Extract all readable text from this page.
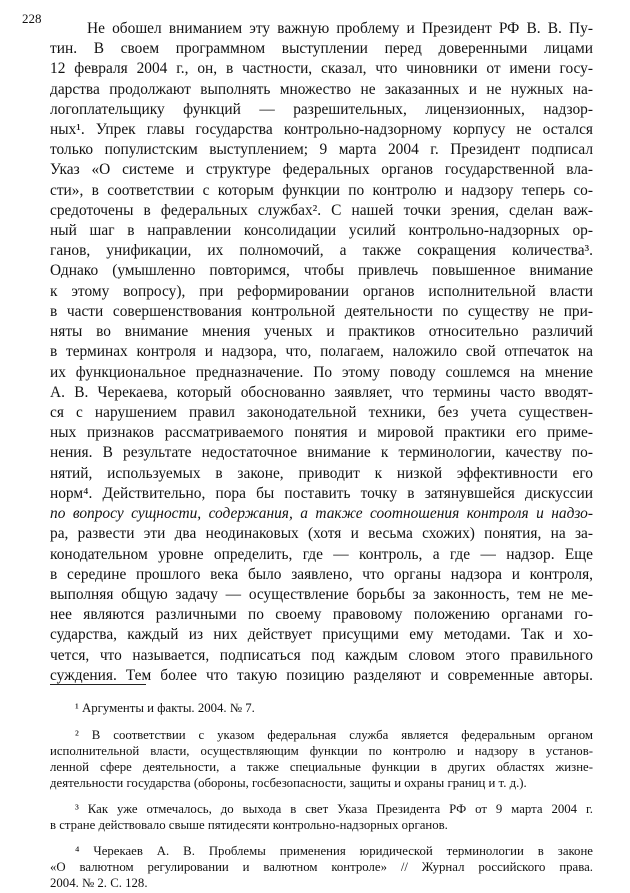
228
Не обошел вниманием эту важную проблему и Президент РФ В. В. Пу-
тин. В своем программном выступлении перед доверенными лицами
12 февраля 2004 г., он, в частности, сказал, что чиновники от имени госу-
дарства продолжают выполнять множество не заказанных и не нужных на-
логоплательщику функций — разрешительных, лицензионных, надзор-
ных¹. Упрек главы государства контрольно-надзорному корпусу не остался
только популистским выступлением; 9 марта 2004 г. Президент подписал
Указ «О системе и структуре федеральных органов государственной вла-
сти», в соответствии с которым функции по контролю и надзору теперь со-
средоточены в федеральных службах². С нашей точки зрения, сделан важ-
ный шаг в направлении консолидации усилий контрольно-надзорных ор-
ганов, унификации, их полномочий, а также сокращения количества³.
Однако (умышленно повторимся, чтобы привлечь повышенное внимание
к этому вопросу), при реформировании органов исполнительной власти
в части совершенствования контрольной деятельности по существу не при-
няты во внимание мнения ученых и практиков относительно различий
в терминах контроля и надзора, что, полагаем, наложило свой отпечаток на
их функциональное предназначение. По этому поводу сошлемся на мнение
А. В. Черекаева, который обоснованно заявляет, что термины часто вводят-
ся с нарушением правил законодательной техники, без учета существен-
ных признаков рассматриваемого понятия и мировой практики его приме-
нения. В результате недостаточное внимание к терминологии, качеству по-
нятий, используемых в законе, приводит к низкой эффективности его
норм⁴. Действительно, пора бы поставить точку в затянувшейся дискуссии
по вопросу сущности, содержания, а также соотношения контроля и надзо-
ра, развести эти два неодинаковых (хотя и весьма схожих) понятия, на за-
конодательном уровне определить, где — контроль, а где — надзор. Еще
в середине прошлого века было заявлено, что органы надзора и контроля,
выполняя общую задачу — осуществление борьбы за законность, тем не ме-
нее являются различными по своему правовому положению органами го-
сударства, каждый из них действует присущими ему методами. Так и хо-
чется, что называется, подписаться под каждым словом этого правильного
суждения. Тем более что такую позицию разделяют и современные авторы.
¹ Аргументы и факты. 2004. № 7.
² В соответствии с указом федеральная служба является федеральным органом
исполнительной власти, осуществляющим функции по контролю и надзору в установ-
ленной сфере деятельности, а также специальные функции в других областях жизне-
деятельности государства (обороны, госбезопасности, защиты и охраны границ и т. д.).
³ Как уже отмечалось, до выхода в свет Указа Президента РФ от 9 марта 2004 г.
в стране действовало свыше пятидесяти контрольно-надзорных органов.
⁴ Черекаев А. В. Проблемы применения юридической терминологии в законе
«О валютном регулировании и валютном контроле» // Журнал российского права.
2004. № 2. С. 128.
